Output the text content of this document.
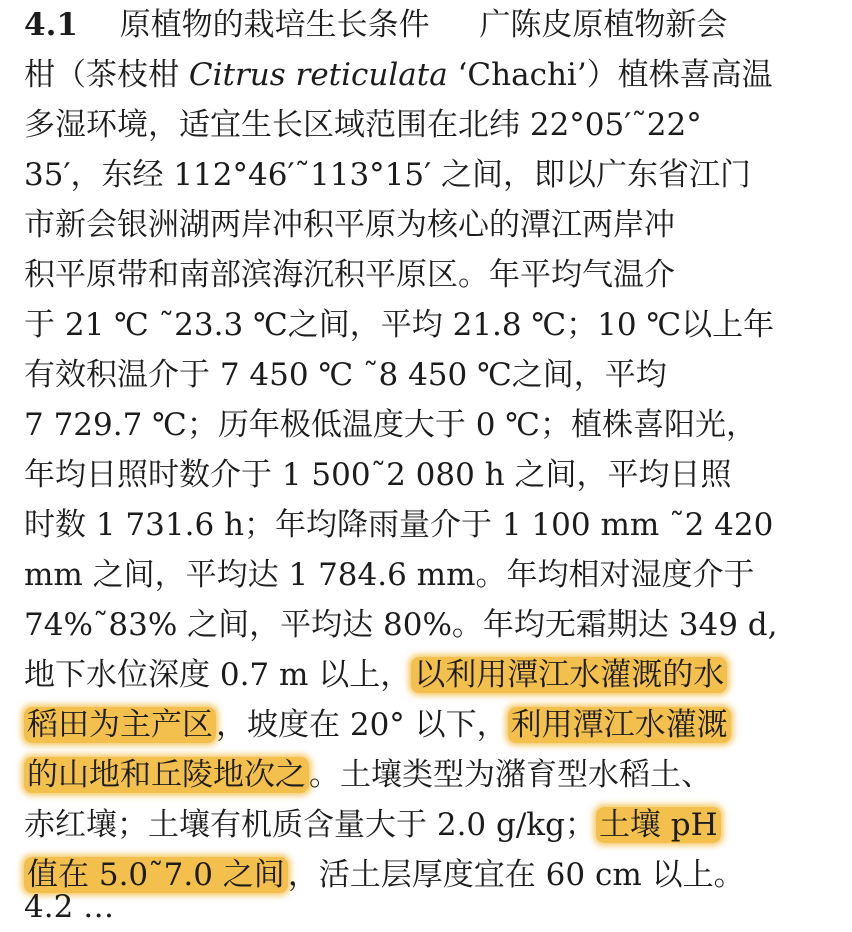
4.1 原植物的栽培生长条件 广陈皮原植物新会
柑（茶枝柑 Citrus reticulata ‘Chachi’）植株喜高温
多湿环境，适宜生长区域范围在北纬 22°05′˜22°
35′，东经 112°46′˜113°15′ 之间，即以广东省江门
市新会银洲湖两岸冲积平原为核心的潭江两岸冲
积平原带和南部滨海沉积平原区。年平均气温介
于 21 ℃ ˜23.3 ℃之间，平均 21.8 ℃；10 ℃以上年
有效积温介于 7 450 ℃ ˜8 450 ℃之间，平均
7 729.7 ℃；历年极低温度大于 0 ℃；植株喜阳光，
年均日照时数介于 1 500˜2 080 h 之间，平均日照
时数 1 731.6 h；年均降雨量介于 1 100 mm ˜2 420
mm 之间，平均达 1 784.6 mm。年均相对湿度介于
74%˜83% 之间，平均达 80%。年均无霜期达 349 d,
地下水位深度 0.7 m 以上，以利用潭江水灌溉的水
稻田为主产区，坡度在 20° 以下，利用潭江水灌溉
的山地和丘陵地次之。土壤类型为潴育型水稻土、
赤红壤；土壤有机质含量大于 2.0 g/kg；土壤 pH
值在 5.0˜7.0 之间，活土层厚度宜在 60 cm 以上。
4.2 …
